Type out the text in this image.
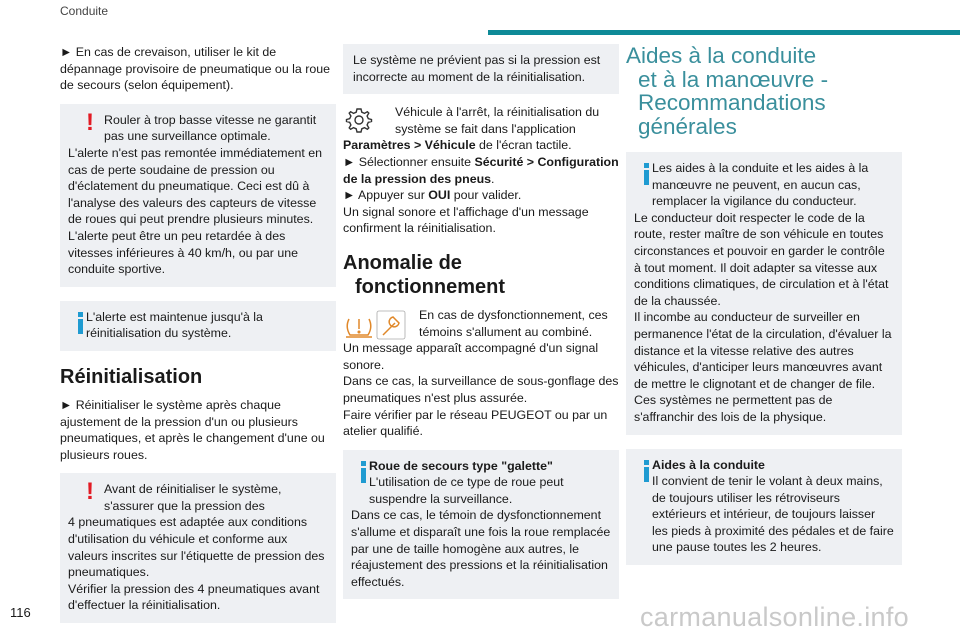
Conduite

► En cas de crevaison, utiliser le kit de dépannage provisoire de pneumatique ou la roue de secours (selon équipement).

! Rouler à trop basse vitesse ne garantit pas une surveillance optimale.

L'alerte n'est pas remontée immédiatement en cas de perte soudaine de pression ou d'éclatement du pneumatique. Ceci est dû à l'analyse des valeurs des capteurs de vitesse de roues qui peut prendre plusieurs minutes. L'alerte peut être un peu retardée à des vitesses inférieures à 40 km/h, ou par une conduite sportive.

L'alerte est maintenue jusqu'à la réinitialisation du système.
Réinitialisation

► Réinitialiser le système après chaque ajustement de la pression d'un ou plusieurs pneumatiques, et après le changement d'une ou plusieurs roues.

! Avant de réinitialiser le système, s'assurer que la pression des

4 pneumatiques est adaptée aux conditions d'utilisation du véhicule et conforme aux valeurs inscrites sur l'étiquette de pression des pneumatiques.

Vérifier la pression des 4 pneumatiques avant d'effectuer la réinitialisation.

Le système ne prévient pas si la pression est incorrecte au moment de la réinitialisation.

Véhicule à l'arrêt, la réinitialisation du système se fait dans l'application

Paramètres > Véhicule de l'écran tactile.

► Sélectionner ensuite Sécurité > Configuration de la pression des pneus.

► Appuyer sur OUI pour valider.

Un signal sonore et l'affichage d'un message confirment la réinitialisation.

Anomalie de
fonctionnement
En cas de dysfonctionnement, ces témoins s'allument au combiné.

Un message apparaît accompagné d'un signal sonore.

Dans ce cas, la surveillance de sous-gonflage des pneumatiques n'est plus assurée.

Faire vérifier par le réseau PEUGEOT ou par un atelier qualifié.

Roue de secours type "galette"
L'utilisation de ce type de roue peut suspendre la surveillance.

Dans ce cas, le témoin de dysfonctionnement s'allume et disparaît une fois la roue remplacée par une de taille homogène aux autres, le réajustement des pressions et la réinitialisation effectués.

Aides à la conduite
et à la manœuvre -
Recommandations
générales
Les aides à la conduite et les aides à la manœuvre ne peuvent, en aucun cas, remplacer la vigilance du conducteur.

Le conducteur doit respecter le code de la route, rester maître de son véhicule en toutes circonstances et pouvoir en garder le contrôle à tout moment. Il doit adapter sa vitesse aux conditions climatiques, de circulation et à l'état de la chaussée.

Il incombe au conducteur de surveiller en permanence l'état de la circulation, d'évaluer la distance et la vitesse relative des autres véhicules, d'anticiper leurs manœuvres avant de mettre le clignotant et de changer de file.

Ces systèmes ne permettent pas de s'affranchir des lois de la physique.

Aides à la conduite
Il convient de tenir le volant à deux mains, de toujours utiliser les rétroviseurs extérieurs et intérieur, de toujours laisser les pieds à proximité des pédales et de faire une pause toutes les 2 heures.
116	carmanualsonline.info
